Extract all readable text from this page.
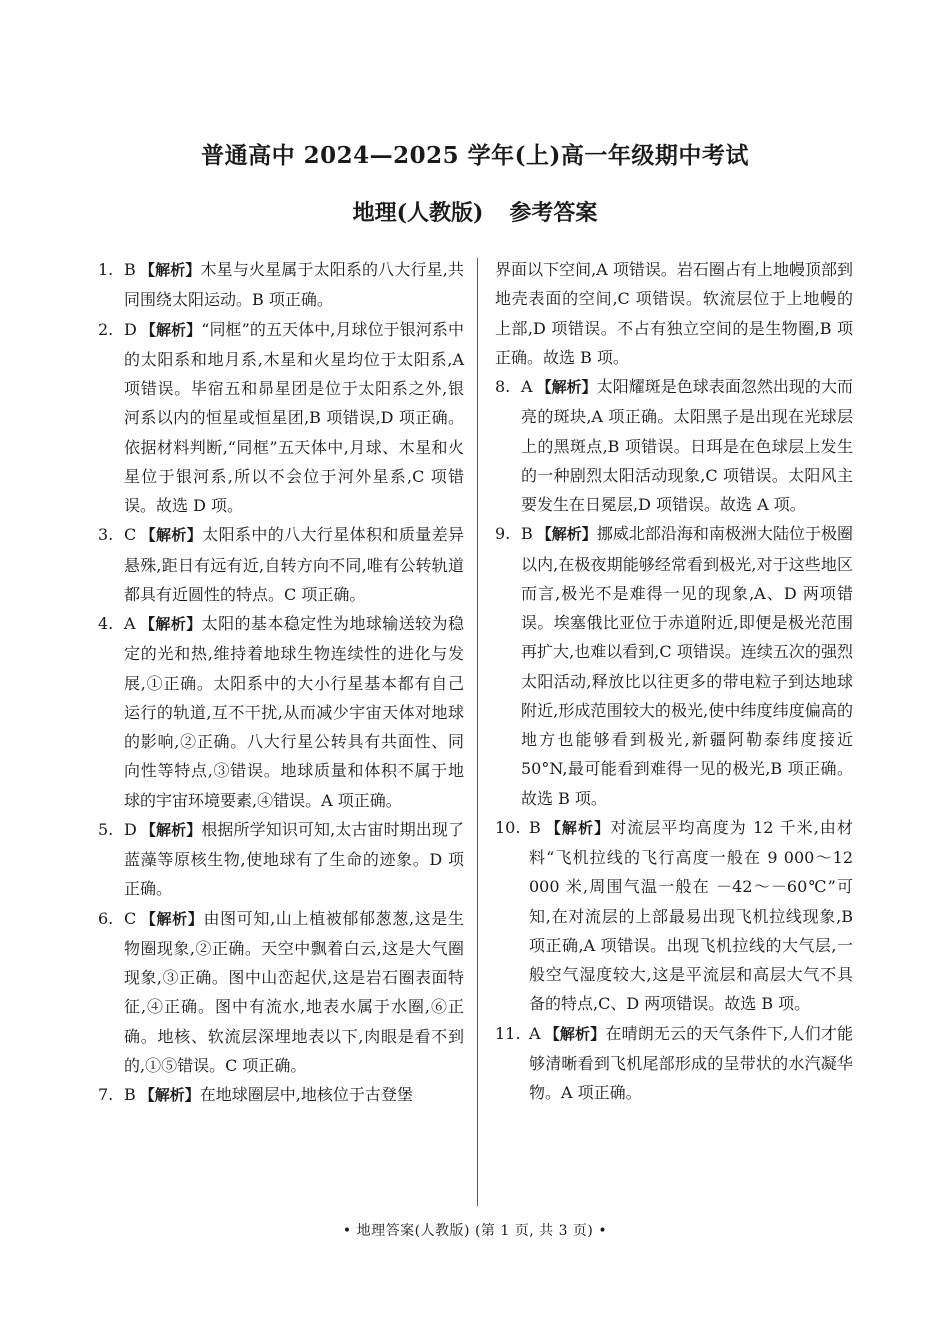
普通高中 2024—2025 学年(上)高一年级期中考试
地理(人教版) 参考答案

1. B 【解析】木星与火星属于太阳系的八大行星,共同围绕太阳运动。B 项正确。

2. D 【解析】“同框”的五天体中,月球位于银河系中的太阳系和地月系,木星和火星均位于太阳系,A 项错误。毕宿五和昴星团是位于太阳系之外,银河系以内的恒星或恒星团,B 项错误,D 项正确。依据材料判断,“同框”五天体中,月球、木星和火星位于银河系,所以不会位于河外星系,C 项错误。故选 D 项。

3. C 【解析】太阳系中的八大行星体积和质量差异悬殊,距日有远有近,自转方向不同,唯有公转轨道都具有近圆性的特点。C 项正确。

4. A 【解析】太阳的基本稳定性为地球输送较为稳定的光和热,维持着地球生物连续性的进化与发展,①正确。太阳系中的大小行星基本都有自己运行的轨道,互不干扰,从而减少宇宙天体对地球的影响,②正确。八大行星公转具有共面性、同向性等特点,③错误。地球质量和体积不属于地球的宇宙环境要素,④错误。A 项正确。

5. D 【解析】根据所学知识可知,太古宙时期出现了蓝藻等原核生物,使地球有了生命的迹象。D 项正确。

6. C 【解析】由图可知,山上植被郁郁葱葱,这是生物圈现象,②正确。天空中飘着白云,这是大气圈现象,③正确。图中山峦起伏,这是岩石圈表面特征,④正确。图中有流水,地表水属于水圈,⑥正确。地核、软流层深埋地表以下,肉眼是看不到的,①⑤错误。C 项正确。

7. B 【解析】在地球圈层中,地核位于古登堡

界面以下空间,A 项错误。岩石圈占有上地幔顶部到地壳表面的空间,C 项错误。软流层位于上地幔的上部,D 项错误。不占有独立空间的是生物圈,B 项正确。故选 B 项。

8. A 【解析】太阳耀斑是色球表面忽然出现的大而亮的斑块,A 项正确。太阳黑子是出现在光球层上的黑斑点,B 项错误。日珥是在色球层上发生的一种剧烈太阳活动现象,C 项错误。太阳风主要发生在日冕层,D 项错误。故选 A 项。

9. B 【解析】挪威北部沿海和南极洲大陆位于极圈以内,在极夜期能够经常看到极光,对于这些地区而言,极光不是难得一见的现象,A、D 两项错误。埃塞俄比亚位于赤道附近,即便是极光范围再扩大,也难以看到,C 项错误。连续五次的强烈太阳活动,释放比以往更多的带电粒子到达地球附近,形成范围较大的极光,使中纬度纬度偏高的地方也能够看到极光,新疆阿勒泰纬度接近 50°N,最可能看到难得一见的极光,B 项正确。故选 B 项。

10. B 【解析】对流层平均高度为 12 千米,由材料“飞机拉线的飞行高度一般在 9 000～12 000 米,周围气温一般在 －42～－60℃”可知,在对流层的上部最易出现飞机拉线现象,B 项正确,A 项错误。出现飞机拉线的大气层,一般空气湿度较大,这是平流层和高层大气不具备的特点,C、D 两项错误。故选 B 项。

11. A 【解析】在晴朗无云的天气条件下,人们才能够清晰看到飞机尾部形成的呈带状的水汽凝华物。A 项正确。

• 地理答案(人教版) (第 1 页, 共 3 页) •
